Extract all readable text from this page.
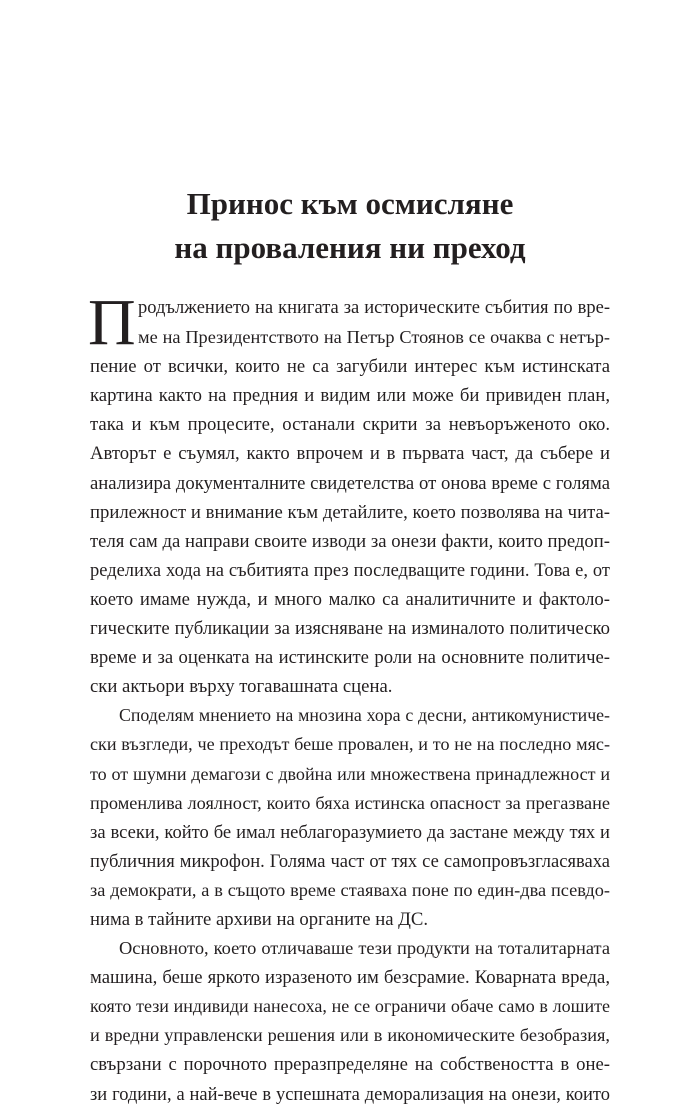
Принос към осмисляне
на проваления ни преход
П родължението на книгата за историческите събития по вре-
ме на Президентството на Петър Стоянов се очаква с нетър-
пение от всички, които не са загубили интерес към истинската
картина както на предния и видим или може би привиден план,
така и към процесите, останали скрити за невъоръженото око.
Авторът е съумял, както впрочем и в първата част, да събере и
анализира документалните свидетелства от онова време с голяма
прилежност и внимание към детайлите, което позволява на чита-
теля сам да направи своите изводи за онези факти, които предоп-
ределиха хода на събитията през последващите години. Това е, от
което имаме нужда, и много малко са аналитичните и фактоло-
гическите публикации за изясняване на изминалото политическо
време и за оценката на истинските роли на основните политиче-
ски актьори върху тогавашната сцена.
Споделям мнението на мнозина хора с десни, антикомунистиче-
ски възгледи, че преходът беше провален, и то не на последно мяс-
то от шумни демагози с двойна или множествена принадлежност и
променлива лоялност, които бяха истинска опасност за прегазване
за всеки, който бе имал неблагоразумието да застане между тях и
публичния микрофон. Голяма част от тях се самопровъзгласяваха
за демократи, а в същото време стаяваха поне по един-два псевдо-
нима в тайните архиви на органите на ДС.
Основното, което отличаваше тези продукти на тоталитарната
машина, беше яркото изразеното им безсрамие. Коварната вреда,
която тези индивиди нанесоха, не се ограничи обаче само в лошите
и вредни управленски решения или в икономическите безобразия,
свързани с порочното преразпределяне на собствеността в оне-
зи години, а най-вече в успешната деморализация на онези, които
